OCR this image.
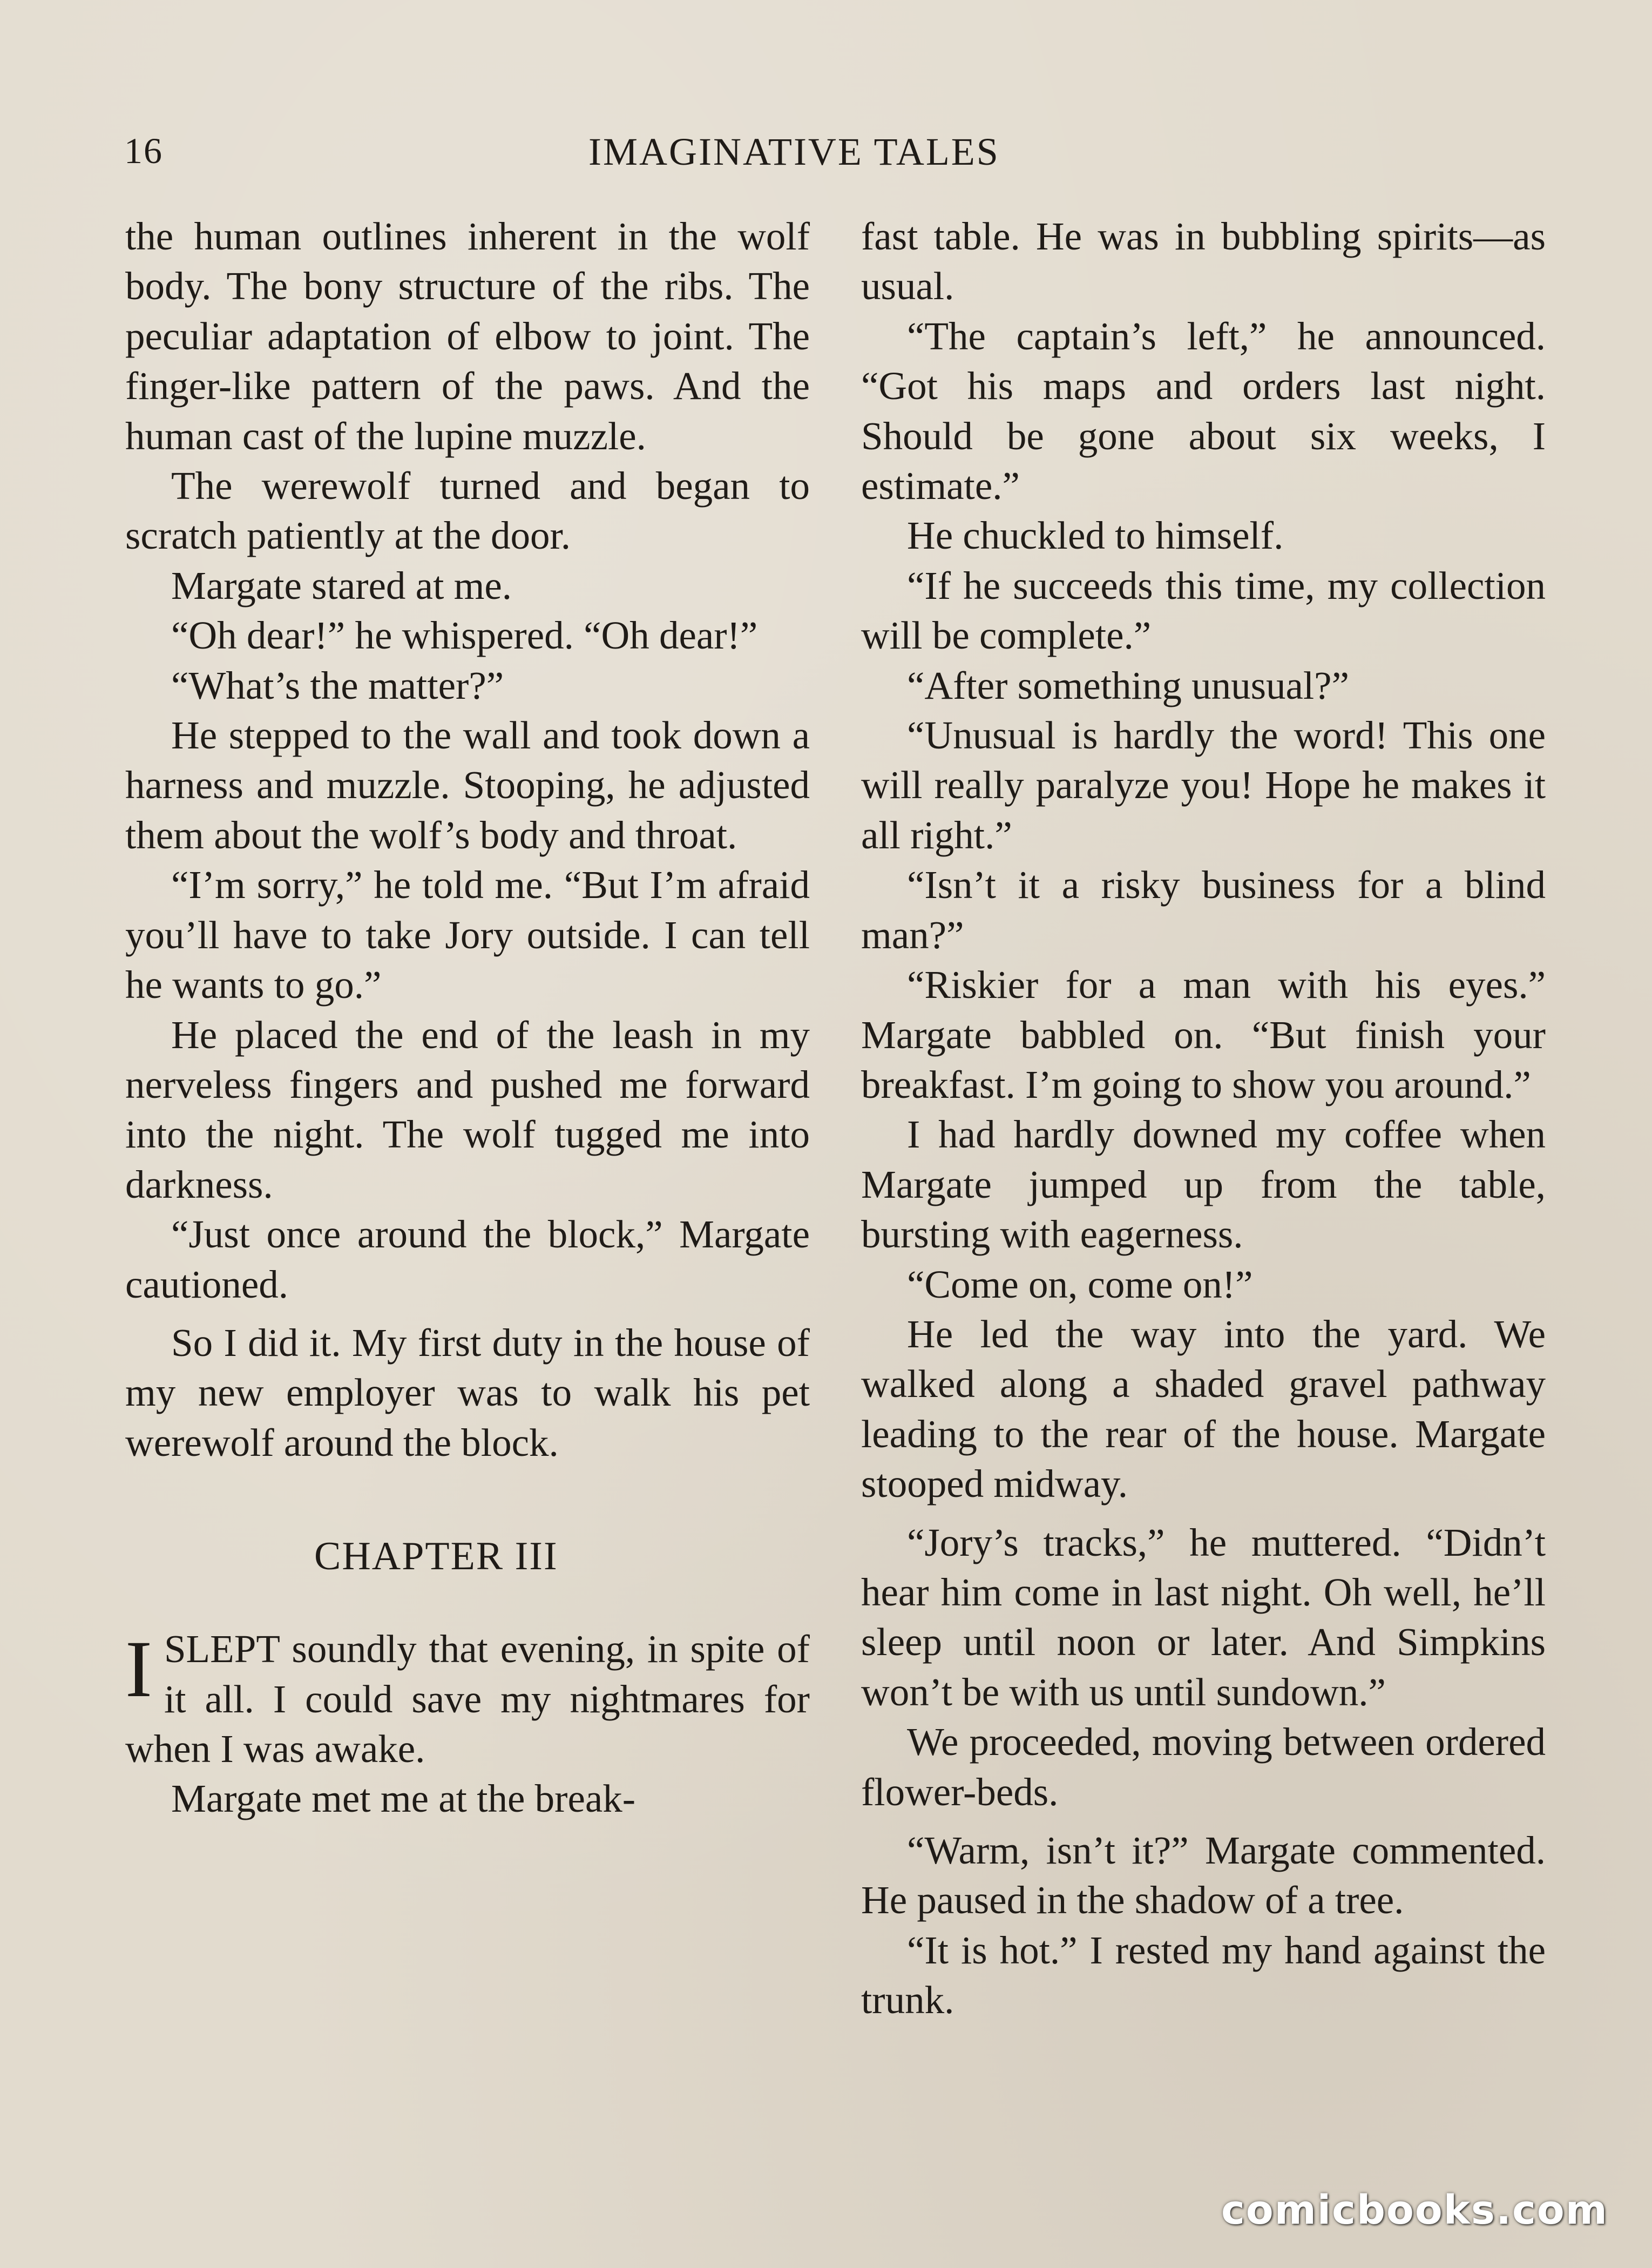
16	IMAGINATIVE TALES

the human outlines inherent in the wolf body. The bony structure of the ribs. The peculiar adaptation of elbow to joint. The finger-like pattern of the paws. And the human cast of the lupine muzzle.

The werewolf turned and began to scratch patiently at the door.

Margate stared at me.

“Oh dear!” he whispered. “Oh dear!”

“What’s the matter?”

He stepped to the wall and took down a harness and muzzle. Stooping, he adjusted them about the wolf’s body and throat.

“I’m sorry,” he told me. “But I’m afraid you’ll have to take Jory outside. I can tell he wants to go.”

He placed the end of the leash in my nerveless fingers and pushed me forward into the night. The wolf tugged me into darkness.

“Just once around the block,” Margate cautioned.

So I did it. My first duty in the house of my new employer was to walk his pet werewolf around the block.

CHAPTER III

ISLEPT soundly that evening, in spite of it all. I could save my nightmares for when I was awake.

Margate met me at the break-

fast table. He was in bubbling spirits—as usual.

“The captain’s left,” he announced. “Got his maps and orders last night. Should be gone about six weeks, I estimate.”

He chuckled to himself.

“If he succeeds this time, my collection will be complete.”

“After something unusual?”

“Unusual is hardly the word! This one will really paralyze you! Hope he makes it all right.”

“Isn’t it a risky business for a blind man?”

“Riskier for a man with his eyes.” Margate babbled on. “But finish your breakfast. I’m going to show you around.”

I had hardly downed my coffee when Margate jumped up from the table, bursting with eagerness.

“Come on, come on!”

He led the way into the yard. We walked along a shaded gravel pathway leading to the rear of the house. Margate stooped midway.

“Jory’s tracks,” he muttered. “Didn’t hear him come in last night. Oh well, he’ll sleep until noon or later. And Simpkins won’t be with us until sundown.”

We proceeded, moving between ordered flower-beds.

“Warm, isn’t it?” Margate commented. He paused in the shadow of a tree.

“It is hot.” I rested my hand against the trunk.

comicbooks.com
